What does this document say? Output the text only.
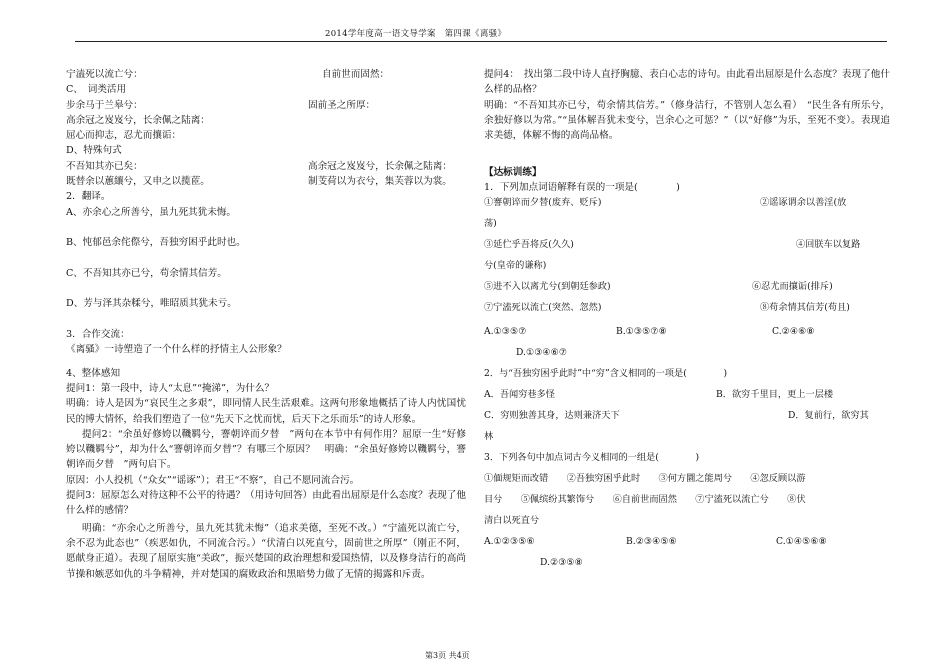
2014学年度高一语文导学案　第四课《离骚》
宁溘死以流亡兮：	自前世而固然：
C、　词类活用
步余马于兰皋兮：	固前圣之所厚：
高余冠之岌岌兮，长余佩之陆离：
屈心而抑志，忍尤而攘诟：
D、特殊句式
不吾知其亦已矣：	高余冠之岌岌兮，长余佩之陆离：
既替余以蕙纕兮，又申之以揽茝。	制芰荷以为衣兮，集芙蓉以为裳。
2．翻译。
A、亦余心之所善兮，虽九死其犹未悔。
B、忳郁邑余侘傺兮，吾独穷困乎此时也。
C、不吾知其亦已兮，苟余情其信芳。
D、芳与泽其杂糅兮，唯昭质其犹未亏。
3．合作交流：
《离骚》一诗塑造了一个什么样的抒情主人公形象？
4、整体感知
提问1：第一段中，诗人“太息”“掩涕”，为什么？
明确：诗人是因为“哀民生之多艰”，即同情人民生活艰难。这两句形象地概括了诗人内忧国忧民的博大情怀，给我们塑造了一位“先天下之忧而忧，后天下之乐而乐”的诗人形象。
提问2：“余虽好修姱以鞿羁兮，謇朝谇而夕替　”两句在本节中有何作用？屈原一生“好修姱以鞿羁兮”，却为什么“謇朝谇而夕替”？有哪三个原因？　明确：“余虽好修姱以鞿羁兮，謇朝谇而夕替　”两句启下。
原因：小人投机（“众女”“谣诼”）；君王“不察”，自己不愿同流合污。
提问3：屈原怎么对待这种不公平的待遇？（用诗句回答）由此看出屈原是什么态度？表现了他什么样的感情？
明确：“亦余心之所善兮，虽九死其犹未悔”（追求美德，至死不改。）“宁溘死以流亡兮，余不忍为此态也”（疾恶如仇，不同流合污。）“伏清白以死直兮，固前世之所厚”（刚正不阿，愿献身正道）。表现了屈原实施“美政”，振兴楚国的政治理想和爱国热情，以及修身洁行的高尚节操和嫉恶如仇的斗争精神，并对楚国的腐败政治和黑暗势力做了无情的揭露和斥责。
提问4：　找出第二段中诗人直抒胸臆、表白心志的诗句。由此看出屈原是什么态度？表现了他什么样的品格？
明确：“不吾知其亦已兮，苟余情其信芳。”（修身洁行，不管别人怎么看）　“民生各有所乐兮，余独好修以为常。”“虽体解吾犹未变兮，岂余心之可惩？”（以“好修”为乐，至死不变）。表现追求美德，体解不悔的高尚品格。
【达标训练】
1．下列加点词语解释有误的一项是(　　　　)
①謇朝谇而夕替(废弃、贬斥)	②谣诼谓余以善淫(放
荡)
③延伫乎吾将反(久久)	④回朕车以复路
兮(皇帝的谦称)
⑤进不入以离尤兮(到朝廷参政)	⑥忍尤而攘诟(排斥)
⑦宁溘死以流亡(突然、忽然)	⑧苟余情其信芳(苟且)
A.①③⑤⑦	B.①③⑤⑦⑧	C.②④⑥⑧
D.①③④⑥⑦
2．与“吾独穷困乎此时”中“穷”含义相同的一项是(　　　　)
A．吾闻穷巷多怪	B．欲穷千里目，更上一层楼
C．穷则独善其身，达则兼济天下	D．复前行，欲穷其
林
3．下列各句中加点词古今义相同的一组是(　　　　)
①偭规矩而改错　　②吾独穷困乎此时　　③何方圜之能周兮　　④忽反顾以游
目兮　　⑤佩缤纷其繁饰兮　　⑥自前世而固然　　⑦宁溘死以流亡兮　　⑧伏
清白以死直兮
A.①②③⑤⑥	B.②③④⑤⑥	C.①④⑤⑥⑧
D.②③⑤⑧
第3页 共4页
